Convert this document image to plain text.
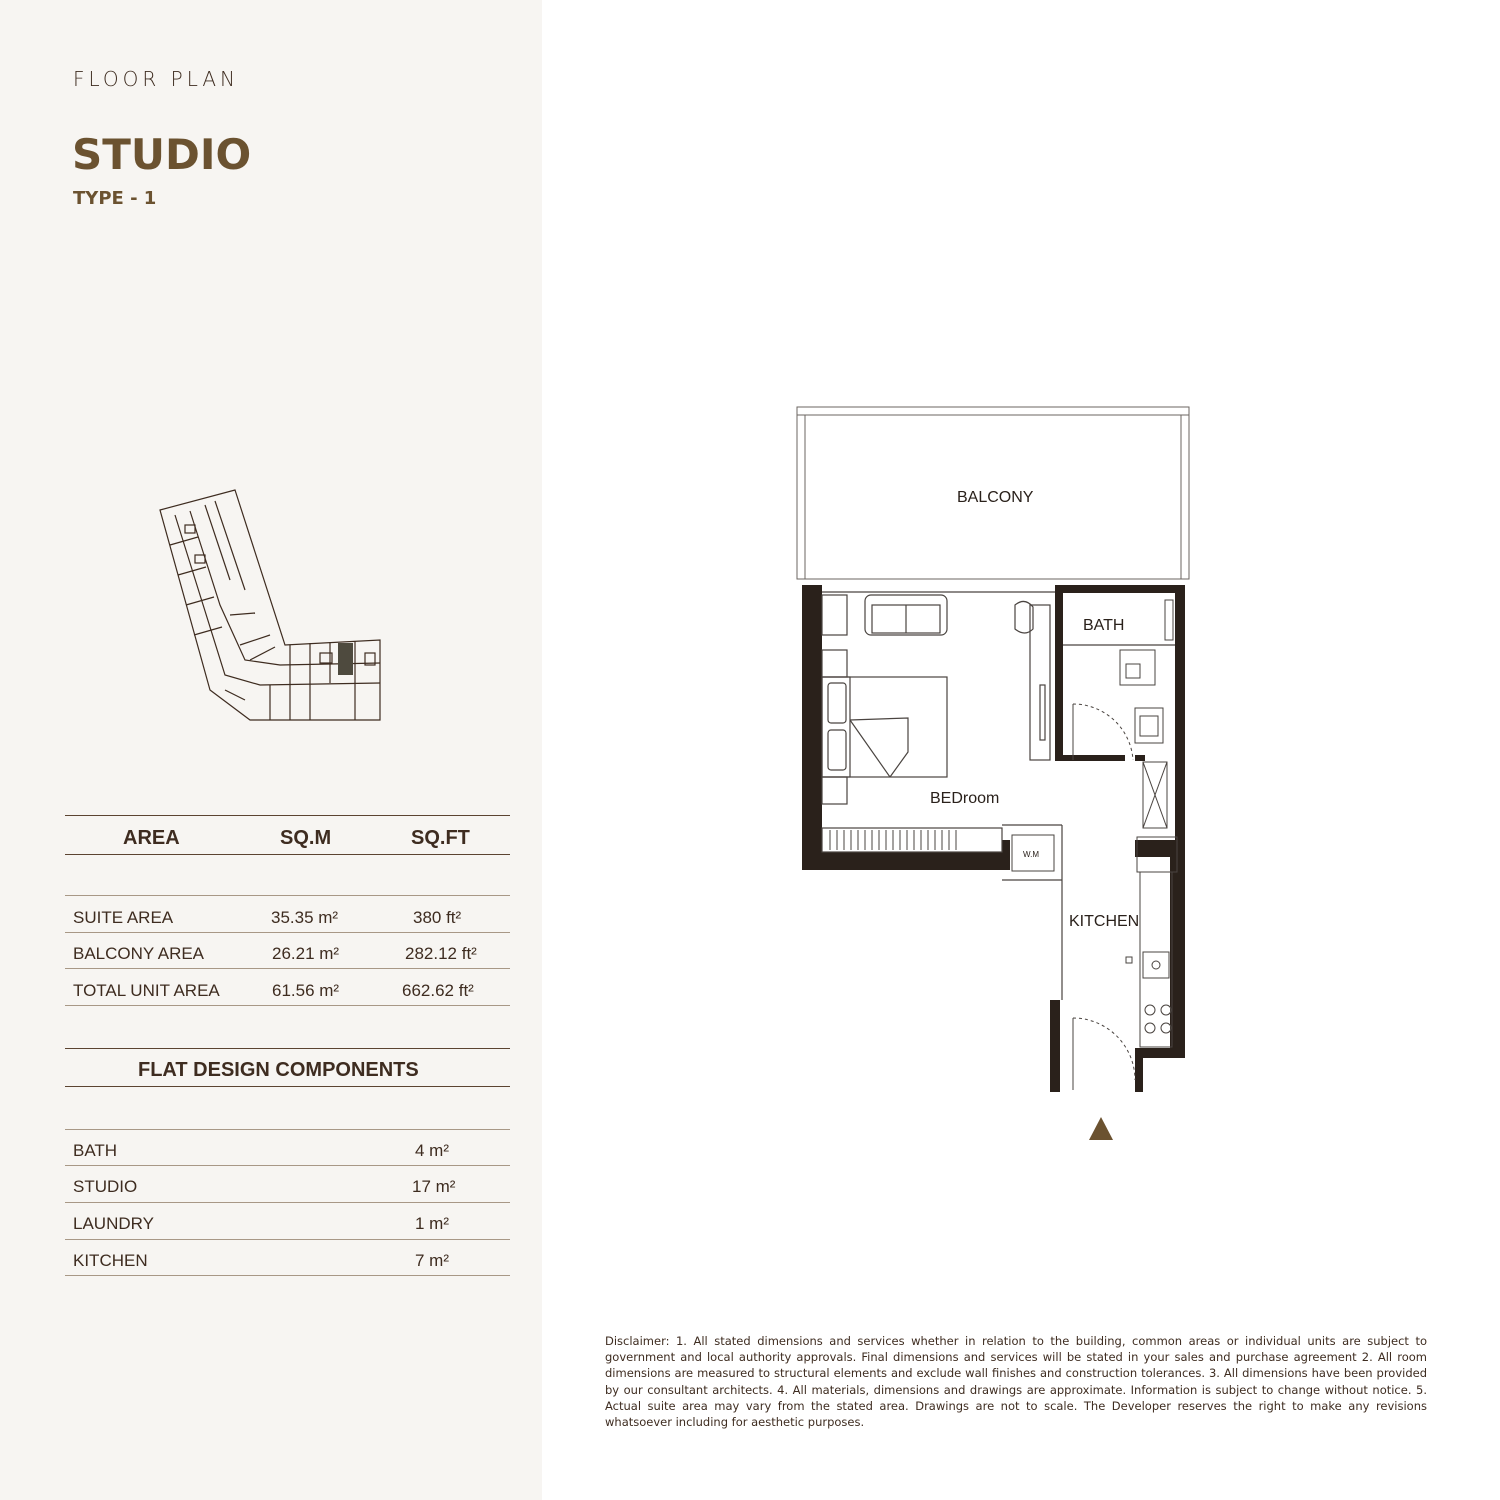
FLOOR PLAN
STUDIO
TYPE - 1
AREA	SQ.M	SQ.FT
SUITE AREA	35.35 m²	380 ft²
BALCONY AREA	26.21 m²	282.12 ft²
TOTAL UNIT AREA	61.56 m²	662.62 ft²
FLAT DESIGN COMPONENTS
BATH	4 m²
STUDIO	17 m²
LAUNDRY	1 m²
KITCHEN	7 m²
BALCONY
BATH
W.M
BEDroom
KITCHEN
Disclaimer: 1. All stated dimensions and services whether in relation to the building, common areas or individual units are subject to government and local authority approvals. Final dimensions and services will be stated in your sales and purchase agreement 2. All room dimensions are measured to structural elements and exclude wall finishes and construction tolerances. 3. All dimensions have been provided by our consultant architects. 4. All materials, dimensions and drawings are approximate. Information is subject to change without notice. 5. Actual suite area may vary from the stated area. Drawings are not to scale. The Developer reserves the right to make any revisions whatsoever including for aesthetic purposes.
